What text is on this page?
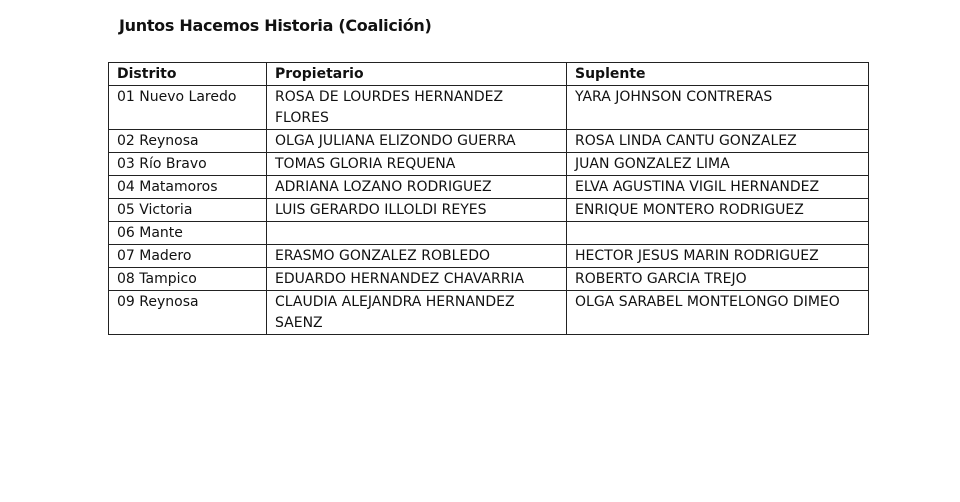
Juntos Hacemos Historia (Coalición)
Distrito	Propietario	Suplente
01 Nuevo Laredo	ROSA DE LOURDES HERNANDEZ FLORES	YARA JOHNSON CONTRERAS
02 Reynosa	OLGA JULIANA ELIZONDO GUERRA	ROSA LINDA CANTU GONZALEZ
03 Río Bravo	TOMAS GLORIA REQUENA	JUAN GONZALEZ LIMA
04 Matamoros	ADRIANA LOZANO RODRIGUEZ	ELVA AGUSTINA VIGIL HERNANDEZ
05 Victoria	LUIS GERARDO ILLOLDI REYES	ENRIQUE MONTERO RODRIGUEZ
06 Mante		
07 Madero	ERASMO GONZALEZ ROBLEDO	HECTOR JESUS MARIN RODRIGUEZ
08 Tampico	EDUARDO HERNANDEZ CHAVARRIA	ROBERTO GARCIA TREJO
09 Reynosa	CLAUDIA ALEJANDRA HERNANDEZ SAENZ	OLGA SARABEL MONTELONGO DIMEO
